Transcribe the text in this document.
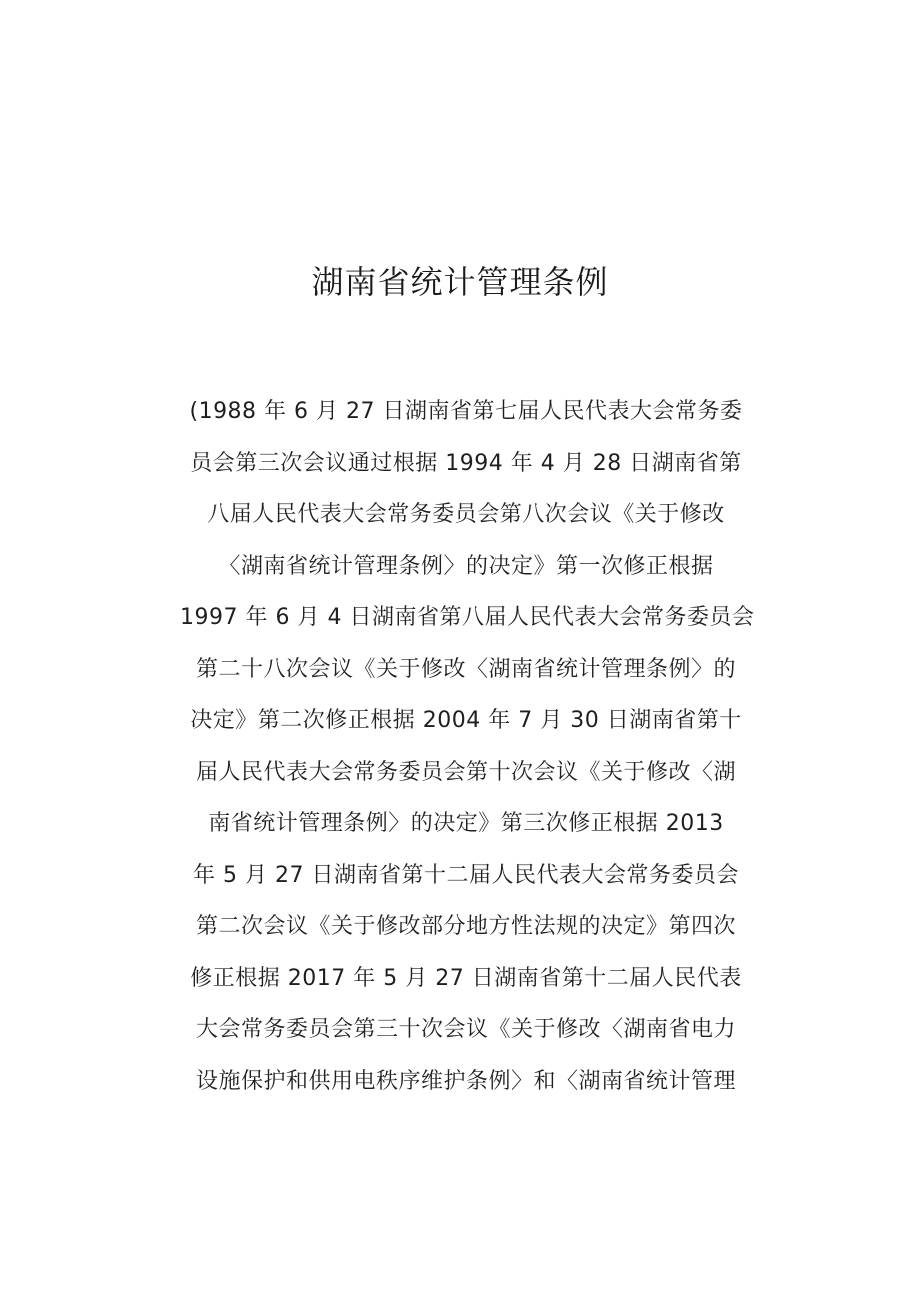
湖南省统计管理条例
(1988 年 6 月 27 日湖南省第七届人民代表大会常务委
员会第三次会议通过根据 1994 年 4 月 28 日湖南省第
八届人民代表大会常务委员会第八次会议《关于修改
〈湖南省统计管理条例〉的决定》第一次修正根据
1997 年 6 月 4 日湖南省第八届人民代表大会常务委员会
第二十八次会议《关于修改〈湖南省统计管理条例〉的
决定》第二次修正根据 2004 年 7 月 30 日湖南省第十
届人民代表大会常务委员会第十次会议《关于修改〈湖
南省统计管理条例〉的决定》第三次修正根据 2013
年 5 月 27 日湖南省第十二届人民代表大会常务委员会
第二次会议《关于修改部分地方性法规的决定》第四次
修正根据 2017 年 5 月 27 日湖南省第十二届人民代表
大会常务委员会第三十次会议《关于修改〈湖南省电力
设施保护和供用电秩序维护条例〉和〈湖南省统计管理
